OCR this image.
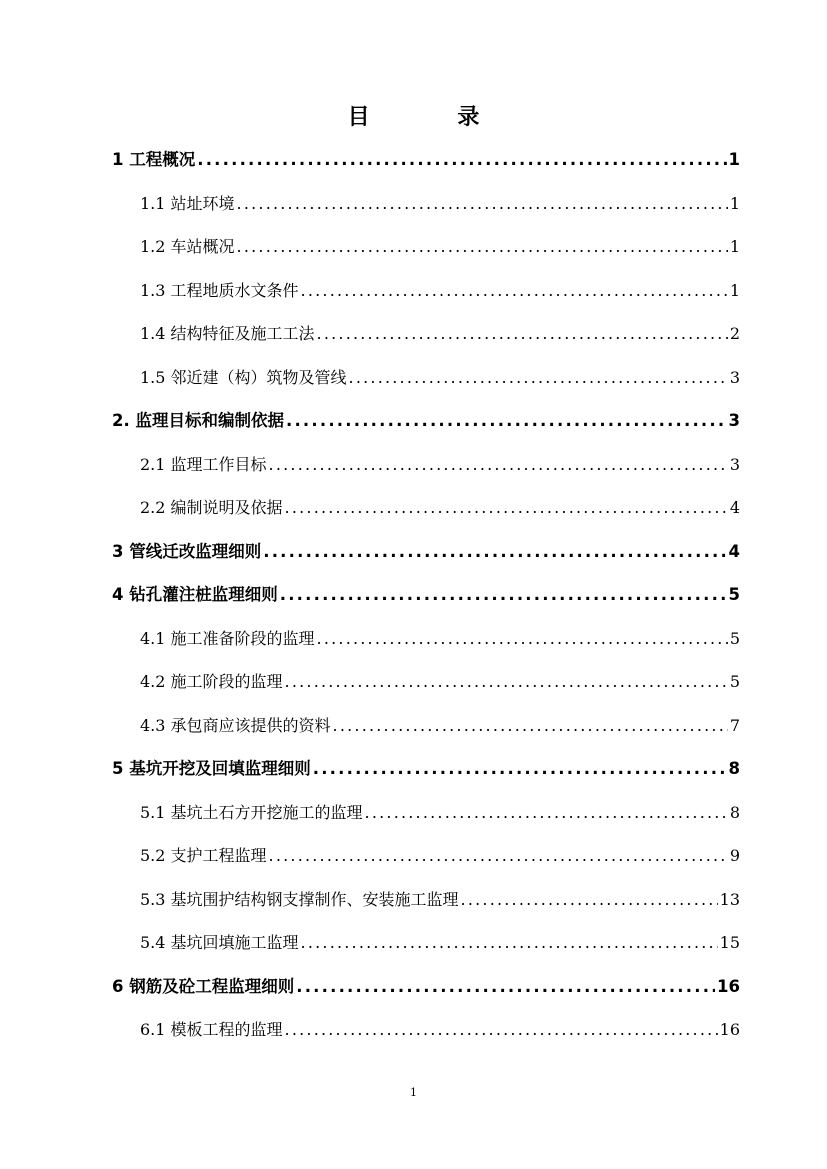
目 录
1 工程概况 .....	1
1.1 站址环境 .....	1
1.2 车站概况 .....	1
1.3 工程地质水文条件 .....	1
1.4 结构特征及施工工法 .....	2
1.5 邻近建（构）筑物及管线 .....	3
2. 监理目标和编制依据 .....	3
2.1 监理工作目标 .....	3
2.2 编制说明及依据 .....	4
3 管线迁改监理细则 .....	4
4 钻孔灌注桩监理细则 .....	5
4.1 施工准备阶段的监理 .....	5
4.2 施工阶段的监理 .....	5
4.3 承包商应该提供的资料 .....	7
5 基坑开挖及回填监理细则 .....	8
5.1 基坑土石方开挖施工的监理 .....	8
5.2 支护工程监理 .....	9
5.3 基坑围护结构钢支撑制作、安装施工监理 .....	13
5.4 基坑回填施工监理 .....	15
6 钢筋及砼工程监理细则 .....	16
6.1 模板工程的监理 .....	16
1
